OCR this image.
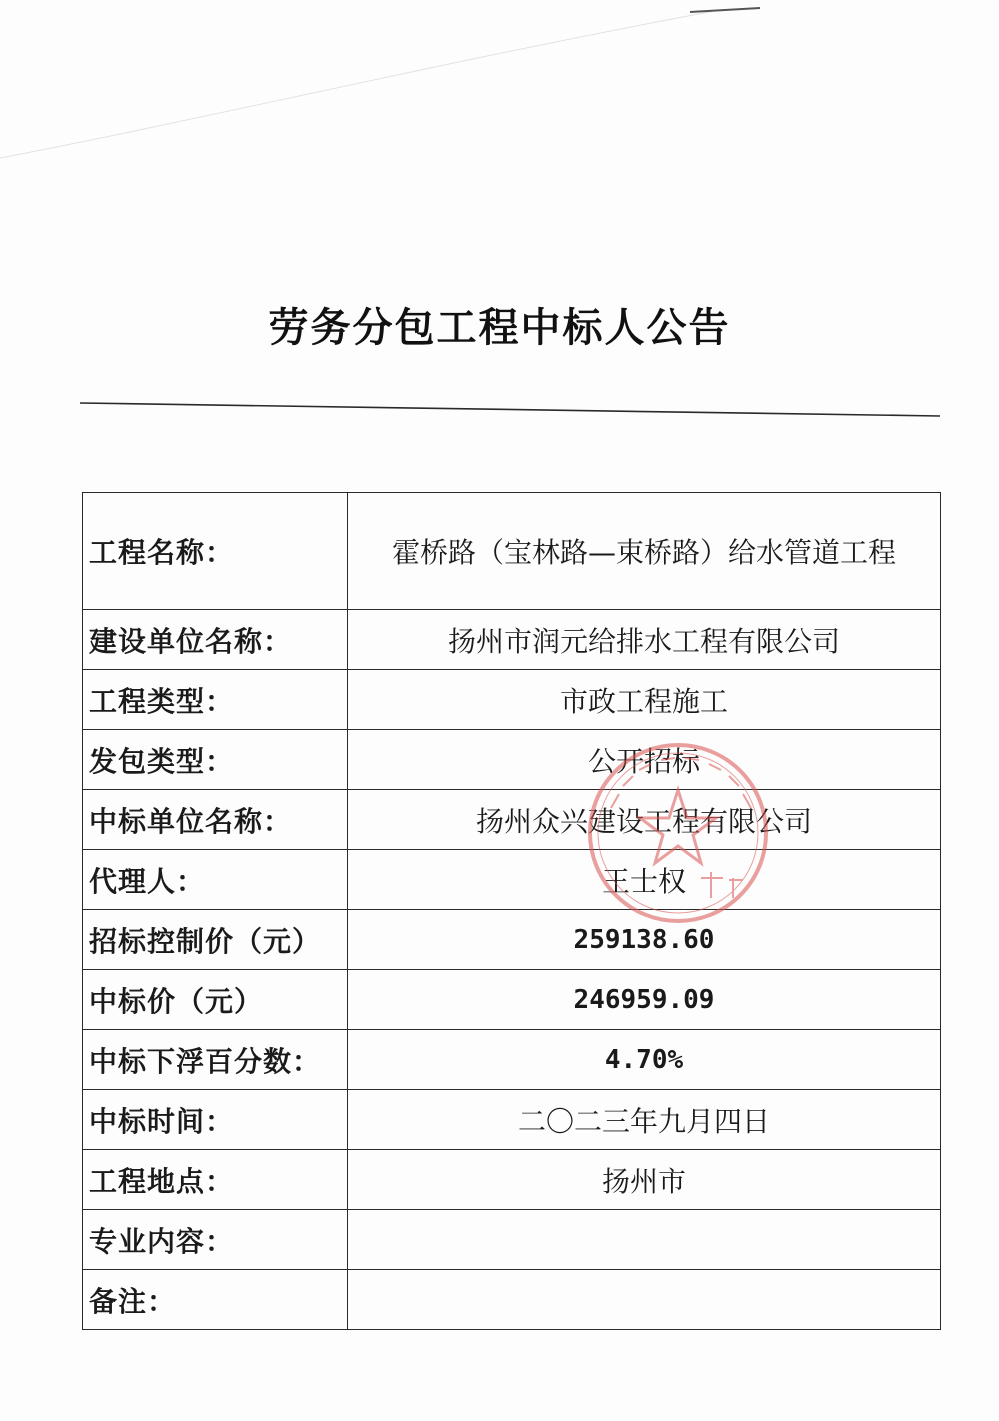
劳务分包工程中标人公告
工程名称：	霍桥路（宝林路—束桥路）给水管道工程
建设单位名称：	扬州市润元给排水工程有限公司
工程类型：	市政工程施工
发包类型：	公开招标
中标单位名称：	扬州众兴建设工程有限公司
代理人：	王士权
招标控制价（元）	259138.60
中标价（元）	246959.09
中标下浮百分数：	4.70%
中标时间：	二〇二三年九月四日
工程地点：	扬州市
专业内容：	
备注：	
